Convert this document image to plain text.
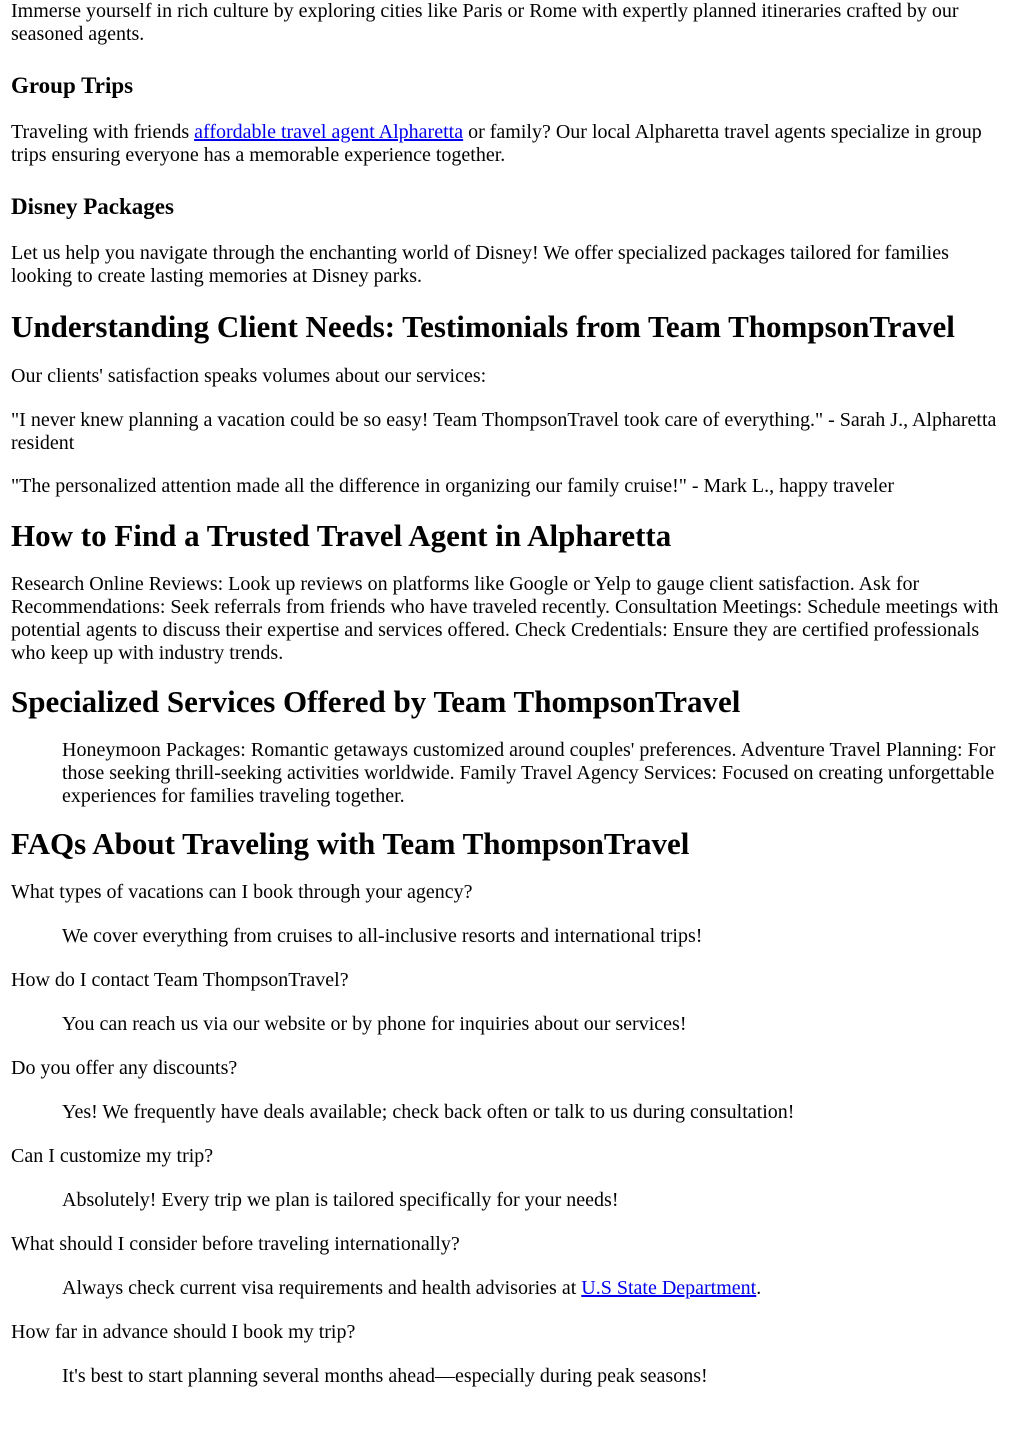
Immerse yourself in rich culture by exploring cities like Paris or Rome with expertly planned itineraries crafted by our seasoned agents.

Group Trips

Traveling with friends affordable travel agent Alpharetta or family? Our local Alpharetta travel agents specialize in group trips ensuring everyone has a memorable experience together.

Disney Packages

Let us help you navigate through the enchanting world of Disney! We offer specialized packages tailored for families looking to create lasting memories at Disney parks.

Understanding Client Needs: Testimonials from Team ThompsonTravel

Our clients' satisfaction speaks volumes about our services:

"I never knew planning a vacation could be so easy! Team ThompsonTravel took care of everything." - Sarah J., Alpharetta resident

"The personalized attention made all the difference in organizing our family cruise!" - Mark L., happy traveler

How to Find a Trusted Travel Agent in Alpharetta

Research Online Reviews: Look up reviews on platforms like Google or Yelp to gauge client satisfaction. Ask for Recommendations: Seek referrals from friends who have traveled recently. Consultation Meetings: Schedule meetings with potential agents to discuss their expertise and services offered. Check Credentials: Ensure they are certified professionals who keep up with industry trends.

Specialized Services Offered by Team ThompsonTravel
Honeymoon Packages: Romantic getaways customized around couples' preferences. Adventure Travel Planning: For those seeking thrill-seeking activities worldwide. Family Travel Agency Services: Focused on creating unforgettable experiences for families traveling together.
FAQs About Traveling with Team ThompsonTravel

What types of vacations can I book through your agency?

We cover everything from cruises to all-inclusive resorts and international trips!

How do I contact Team ThompsonTravel?

You can reach us via our website or by phone for inquiries about our services!

Do you offer any discounts?

Yes! We frequently have deals available; check back often or talk to us during consultation!

Can I customize my trip?

Absolutely! Every trip we plan is tailored specifically for your needs!

What should I consider before traveling internationally?

Always check current visa requirements and health advisories at U.S State Department.

How far in advance should I book my trip?

It's best to start planning several months ahead—especially during peak seasons!
